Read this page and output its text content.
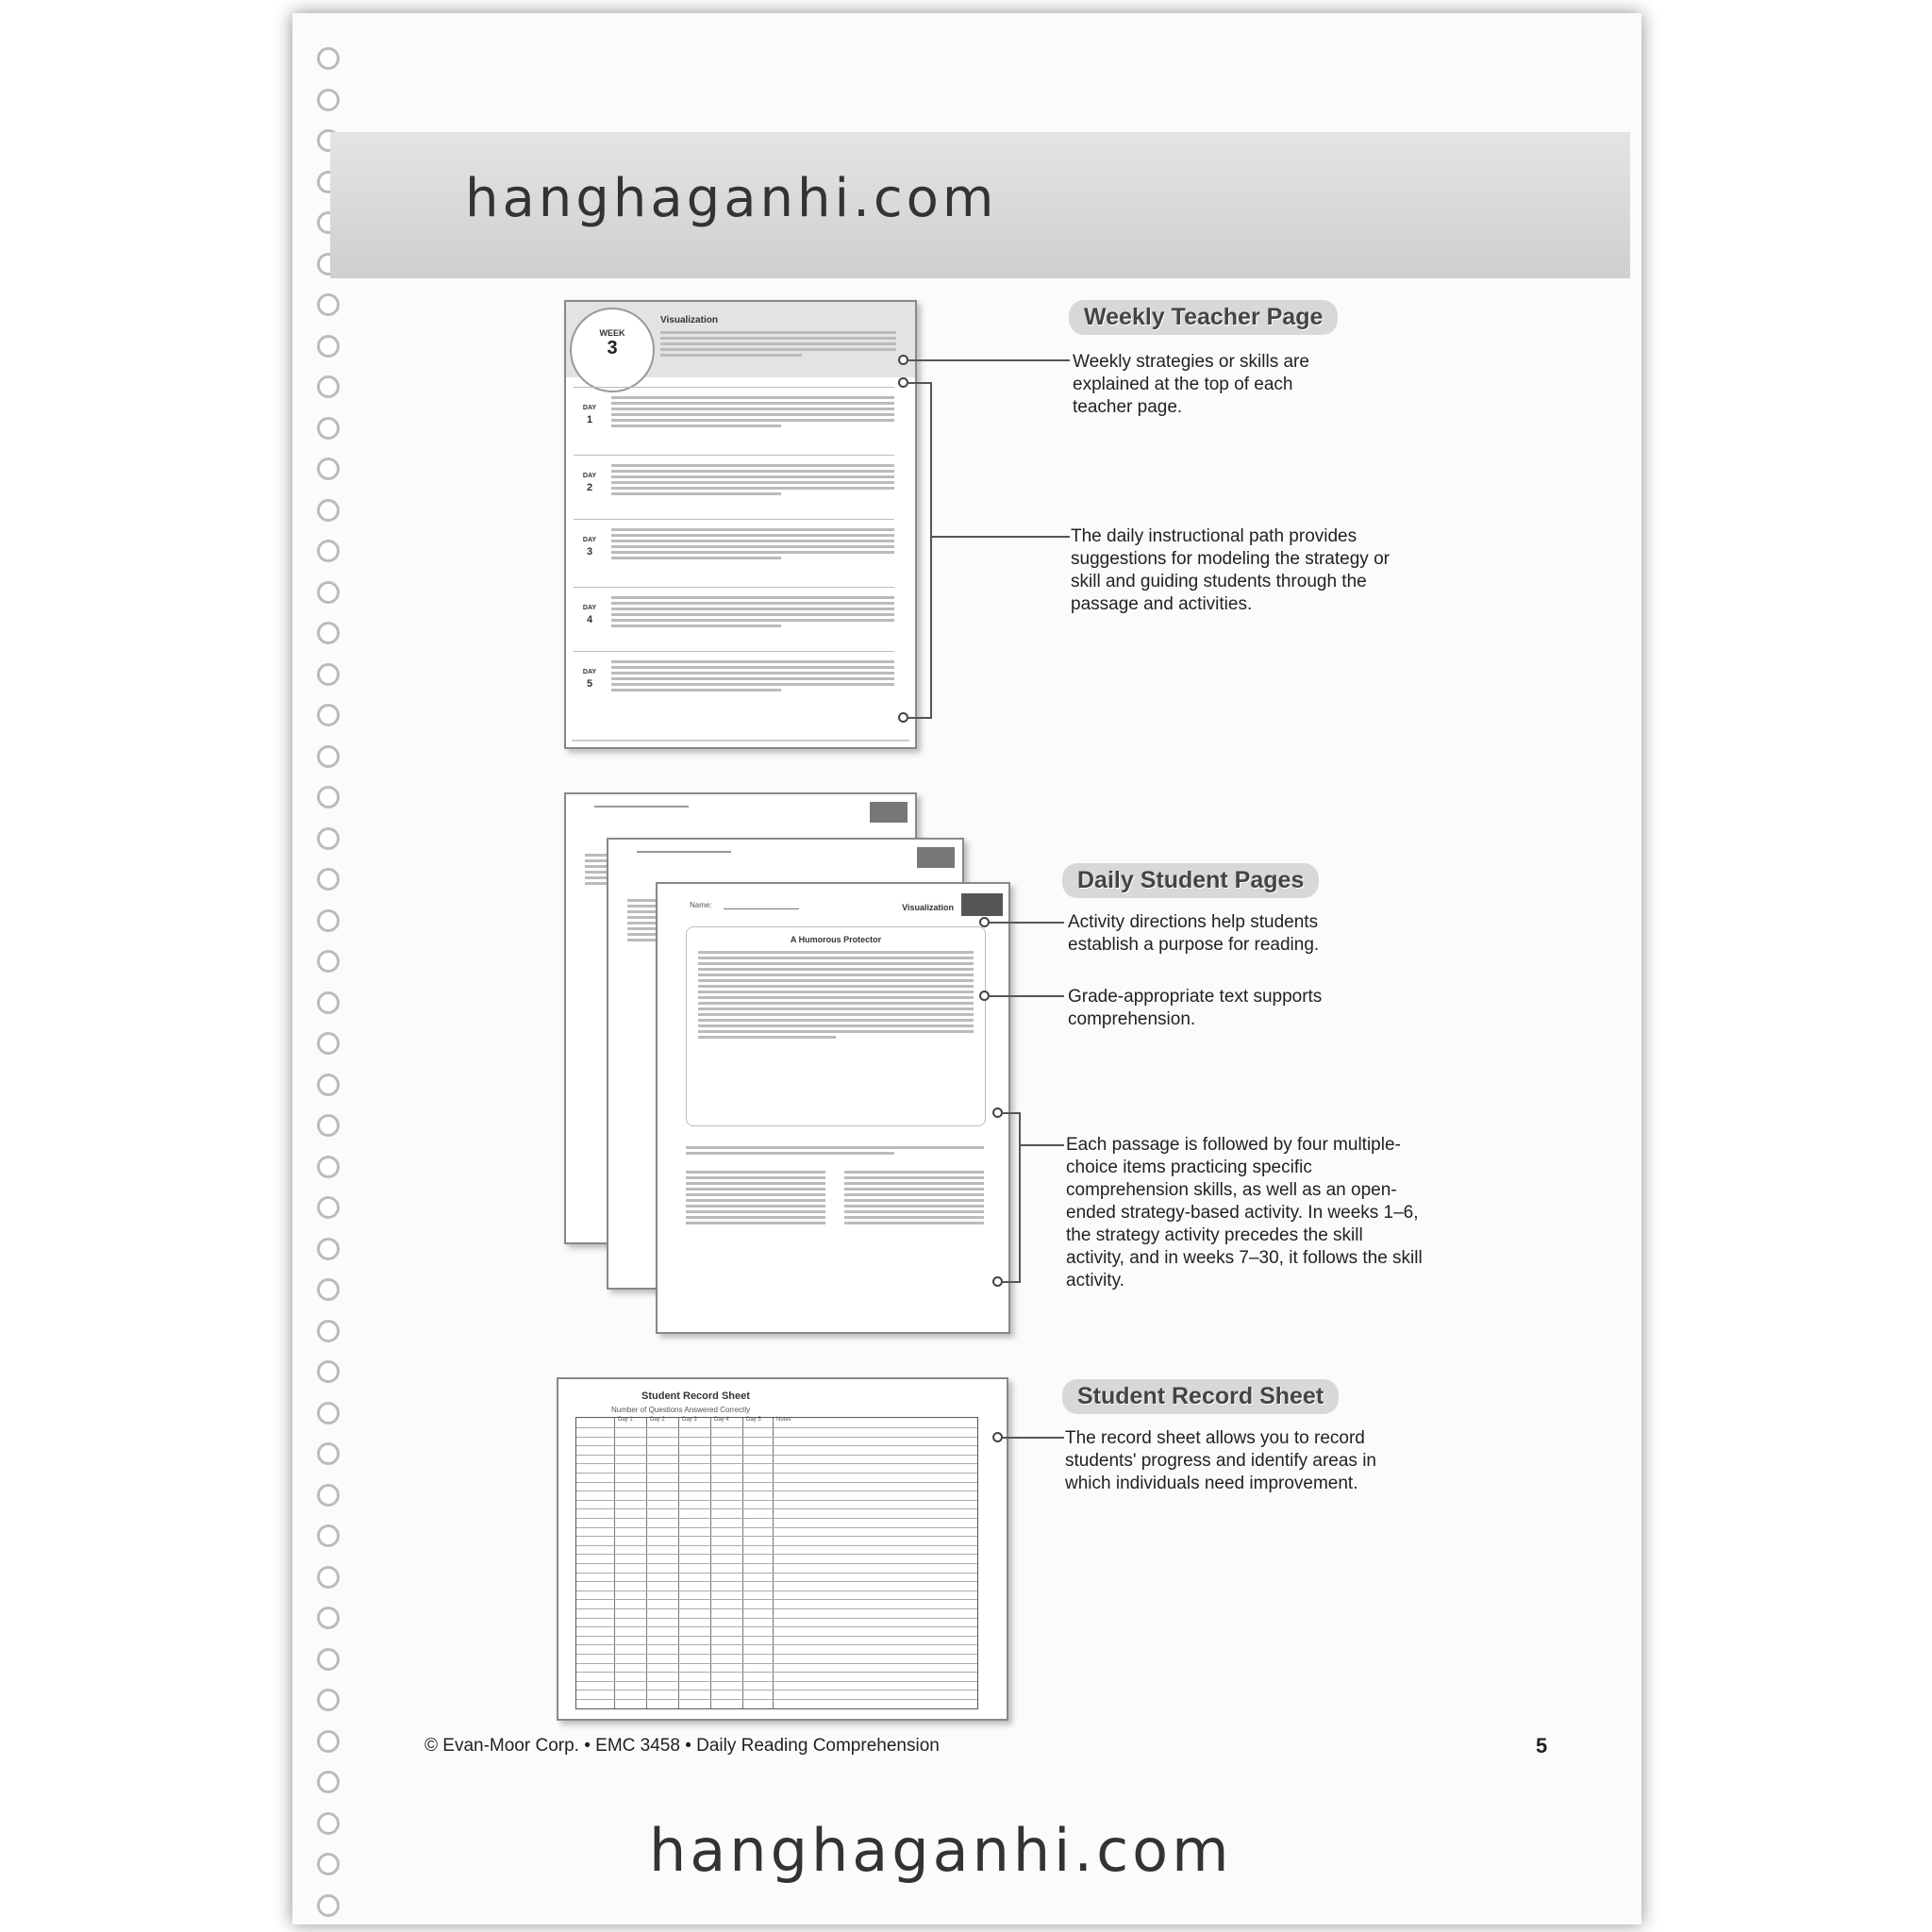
hanghaganhi.com
WEEK
3
Visualization
DAY
1
DAY
2
DAY
3
DAY
4
DAY
5
Name:	Visualization
A Humorous Protector
Student Record Sheet
Number of Questions Answered Correctly
Day 1	Day 2	Day 3	Day 4	Day 5	Notes
Weekly Teacher Page
Weekly strategies or skills are explained at the top of each teacher page.
The daily instructional path provides suggestions for modeling the strategy or skill and guiding students through the passage and activities.
Daily Student Pages
Activity directions help students establish a purpose for reading.
Grade-appropriate text supports comprehension.
Each passage is followed by four multiple-choice items practicing specific comprehension skills, as well as an open-ended strategy-based activity. In weeks 1–6, the strategy activity precedes the skill activity, and in weeks 7–30, it follows the skill activity.
Student Record Sheet
The record sheet allows you to record students' progress and identify areas in which individuals need improvement.
© Evan-Moor Corp. • EMC 3458 • Daily Reading Comprehension	5
hanghaganhi.com
